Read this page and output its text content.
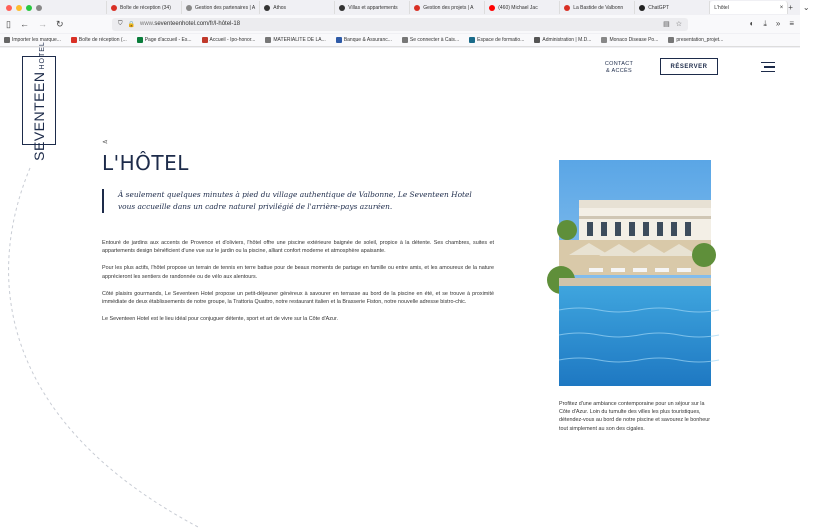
Boîte de réception (34)	Gestion des partenaires | A	Athos	Villas et appartements	Gestion des projets | A	(460) Michael Jac	La Bastide de Valbonn	ChatGPT	L'hôtel	× + ⌄
▯ ← → ↻	⛉ 🔒 www.seventeenhotel.com/fr/l-hôtel-18	▤ ☆	◐ ⤓ » ≡
Importer les marque...	Boîte de réception (...	Page d'accueil - Es...	Accueil - Ipo-honor...	MATERIALITE DE LA...	Banque & Assuranc...	Se connecter à Cais...	Espace de formatio...	Administration | M.D...	Monaco Disease Po...	presentation_projet...
SEVENTEEN
HOTEL	CONTACT
& ACCÈS
RÉSERVER
⋖
L'HÔTEL
À seulement quelques minutes à pied du village authentique de Valbonne, Le Seventeen Hotel vous accueille dans un cadre naturel privilégié de l'arrière-pays azuréen.

Entouré de jardins aux accents de Provence et d'oliviers, l'hôtel offre une piscine extérieure baignée de soleil, propice à la détente. Ses chambres, suites et appartements design bénéficient d'une vue sur le jardin ou la piscine, alliant confort moderne et atmosphère apaisante.

Pour les plus actifs, l'hôtel propose un terrain de tennis en terre battue pour de beaux moments de partage en famille ou entre amis, et les amoureux de la nature apprécieront les sentiers de randonnée ou de vélo aux alentours.

Côté plaisirs gourmands, Le Seventeen Hotel propose un petit-déjeuner généreux à savourer en terrasse au bord de la piscine en été, et se trouve à proximité immédiate de deux établissements de notre groupe, la Trattoria Quattro, notre restaurant italien et la Brasserie Fiston, notre nouvelle adresse bistro-chic.

Le Seventeen Hotel est le lieu idéal pour conjuguer détente, sport et art de vivre sur la Côte d'Azur.

Profitez d'une ambiance contemporaine pour un séjour sur la Côte d'Azur. Loin du tumulte des villes les plus touristiques, détendez-vous au bord de notre piscine et savourez le bonheur tout simplement au son des cigales.
